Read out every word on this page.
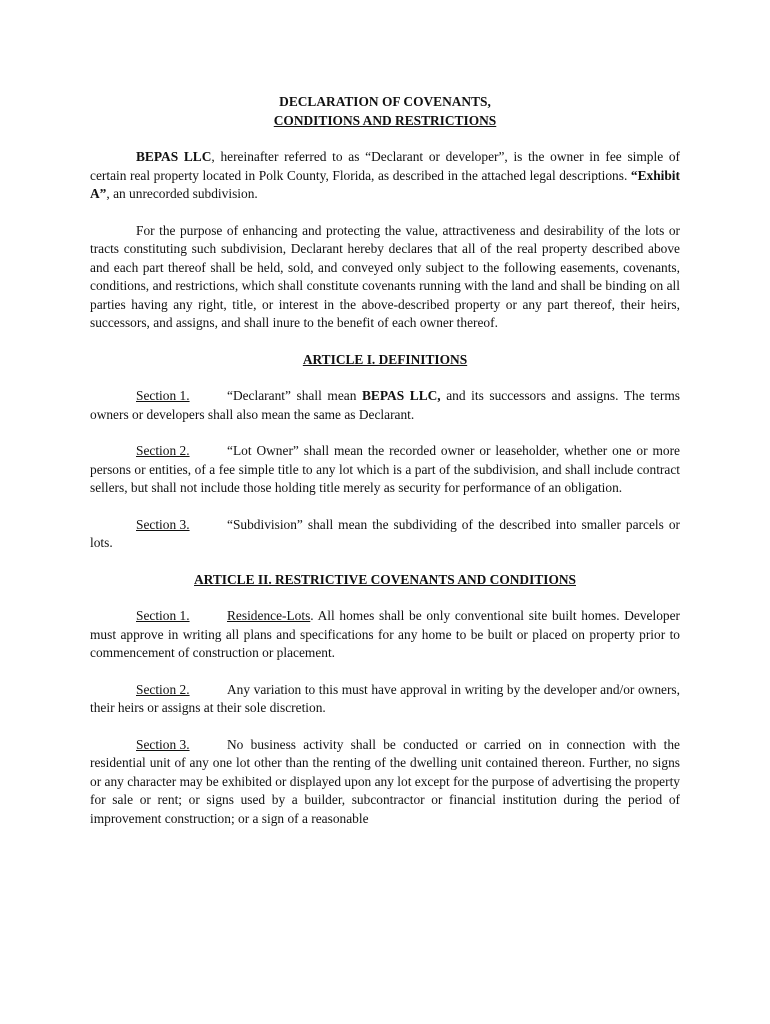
DECLARATION OF COVENANTS,
CONDITIONS AND RESTRICTIONS

BEPAS LLC, hereinafter referred to as “Declarant or developer”, is the owner in fee simple of certain real property located in Polk County, Florida, as described in the attached legal descriptions. “Exhibit A”, an unrecorded subdivision.

For the purpose of enhancing and protecting the value, attractiveness and desirability of the lots or tracts constituting such subdivision, Declarant hereby declares that all of the real property described above and each part thereof shall be held, sold, and conveyed only subject to the following easements, covenants, conditions, and restrictions, which shall constitute covenants running with the land and shall be binding on all parties having any right, title, or interest in the above-described property or any part thereof, their heirs, successors, and assigns, and shall inure to the benefit of each owner thereof.

ARTICLE I. DEFINITIONS

Section 1.	“Declarant” shall mean BEPAS LLC, and its successors and assigns. The terms owners or developers shall also mean the same as Declarant.

Section 2.	“Lot Owner” shall mean the recorded owner or leaseholder, whether one or more persons or entities, of a fee simple title to any lot which is a part of the subdivision, and shall include contract sellers, but shall not include those holding title merely as security for performance of an obligation.

Section 3.	“Subdivision” shall mean the subdividing of the described into smaller parcels or lots.

ARTICLE II. RESTRICTIVE COVENANTS AND CONDITIONS

Section 1.	Residence-Lots. All homes shall be only conventional site built homes. Developer must approve in writing all plans and specifications for any home to be built or placed on property prior to commencement of construction or placement.

Section 2.	Any variation to this must have approval in writing by the developer and/or owners, their heirs or assigns at their sole discretion.

Section 3.	No business activity shall be conducted or carried on in connection with the residential unit of any one lot other than the renting of the dwelling unit contained thereon. Further, no signs or any character may be exhibited or displayed upon any lot except for the purpose of advertising the property for sale or rent; or signs used by a builder, subcontractor or financial institution during the period of improvement construction; or a sign of a reasonable
